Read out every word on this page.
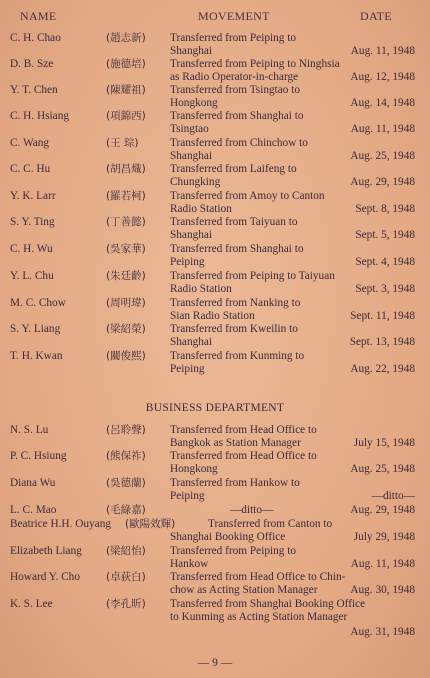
NAME	MOVEMENT	DATE
C. H. Chao	(趙志新) Transferred from Peiping to
Shanghai	Aug. 11, 1948
D. B. Sze	(施德培) Transferred from Peiping to Ninghsia
as Radio Operator-in-charge	Aug. 12, 1948
Y. T. Chen	(陳耀祖) Transferred from Tsingtao to
Hongkong	Aug. 14, 1948
C. H. Hsiang	(項錦西) Transferred from Shanghai to
Tsingtao	Aug. 11, 1948
C. Wang	(王 琮)	Transferred from Chinchow to
Shanghai	Aug. 25, 1948
C. C. Hu	(胡昌熾) Transferred from Laifeng to
Chungking	Aug. 29, 1948
Y. K. Larr	(羅若柯) Transferred from Amoy to Canton
Radio Station	Sept. 8, 1948
S. Y. Ting	(丁善懿) Transferred from Taiyuan to
Shanghai	Sept. 5, 1948
C. H. Wu	(吳家華) Transferred from Shanghai to
Peiping	Sept. 4, 1948
Y. L. Chu	(朱廷齡) Transferred from Peiping to Taiyuan
Radio Station	Sept. 3, 1948
M. C. Chow	(周明瑋) Transferred from Nanking to
Sian Radio Station	Sept. 11, 1948
S. Y. Liang	(梁紹榮) Transferred from Kweilin to
Shanghai	Sept. 13, 1948
T. H. Kwan	(關俊熙) Transferred from Kunming to
Peiping	Aug. 22, 1948
BUSINESS DEPARTMENT
N. S. Lu	(呂聆聲) Transferred from Head Office to
Bangkok as Station Manager	July 15, 1948
P. C. Hsiung	(熊保祚) Transferred from Head Office to
Hongkong	Aug. 25, 1948
Diana Wu	(吳德蘭) Transferred from Hankow to
Peiping	—ditto—
L. C. Mao	(毛綠嘉)	—ditto—	Aug. 29, 1948
Beatrice H.H. Ouyang (歐陽效輝)	Transferred from Canton to
Shanghai Booking Office	July 29, 1948
Elizabeth Liang (梁紹怡) Transferred from Peiping to
Hankow	Aug. 11, 1948
Howard Y. Cho (卓荻白) Transferred from Head Office to Chin-
chow as Acting Station Manager	Aug. 30, 1948
K. S. Lee	(李孔昕) Transferred from Shanghai Booking Office
to Kunming as Acting Station Manager
Aug. 31, 1948
— 9 —
